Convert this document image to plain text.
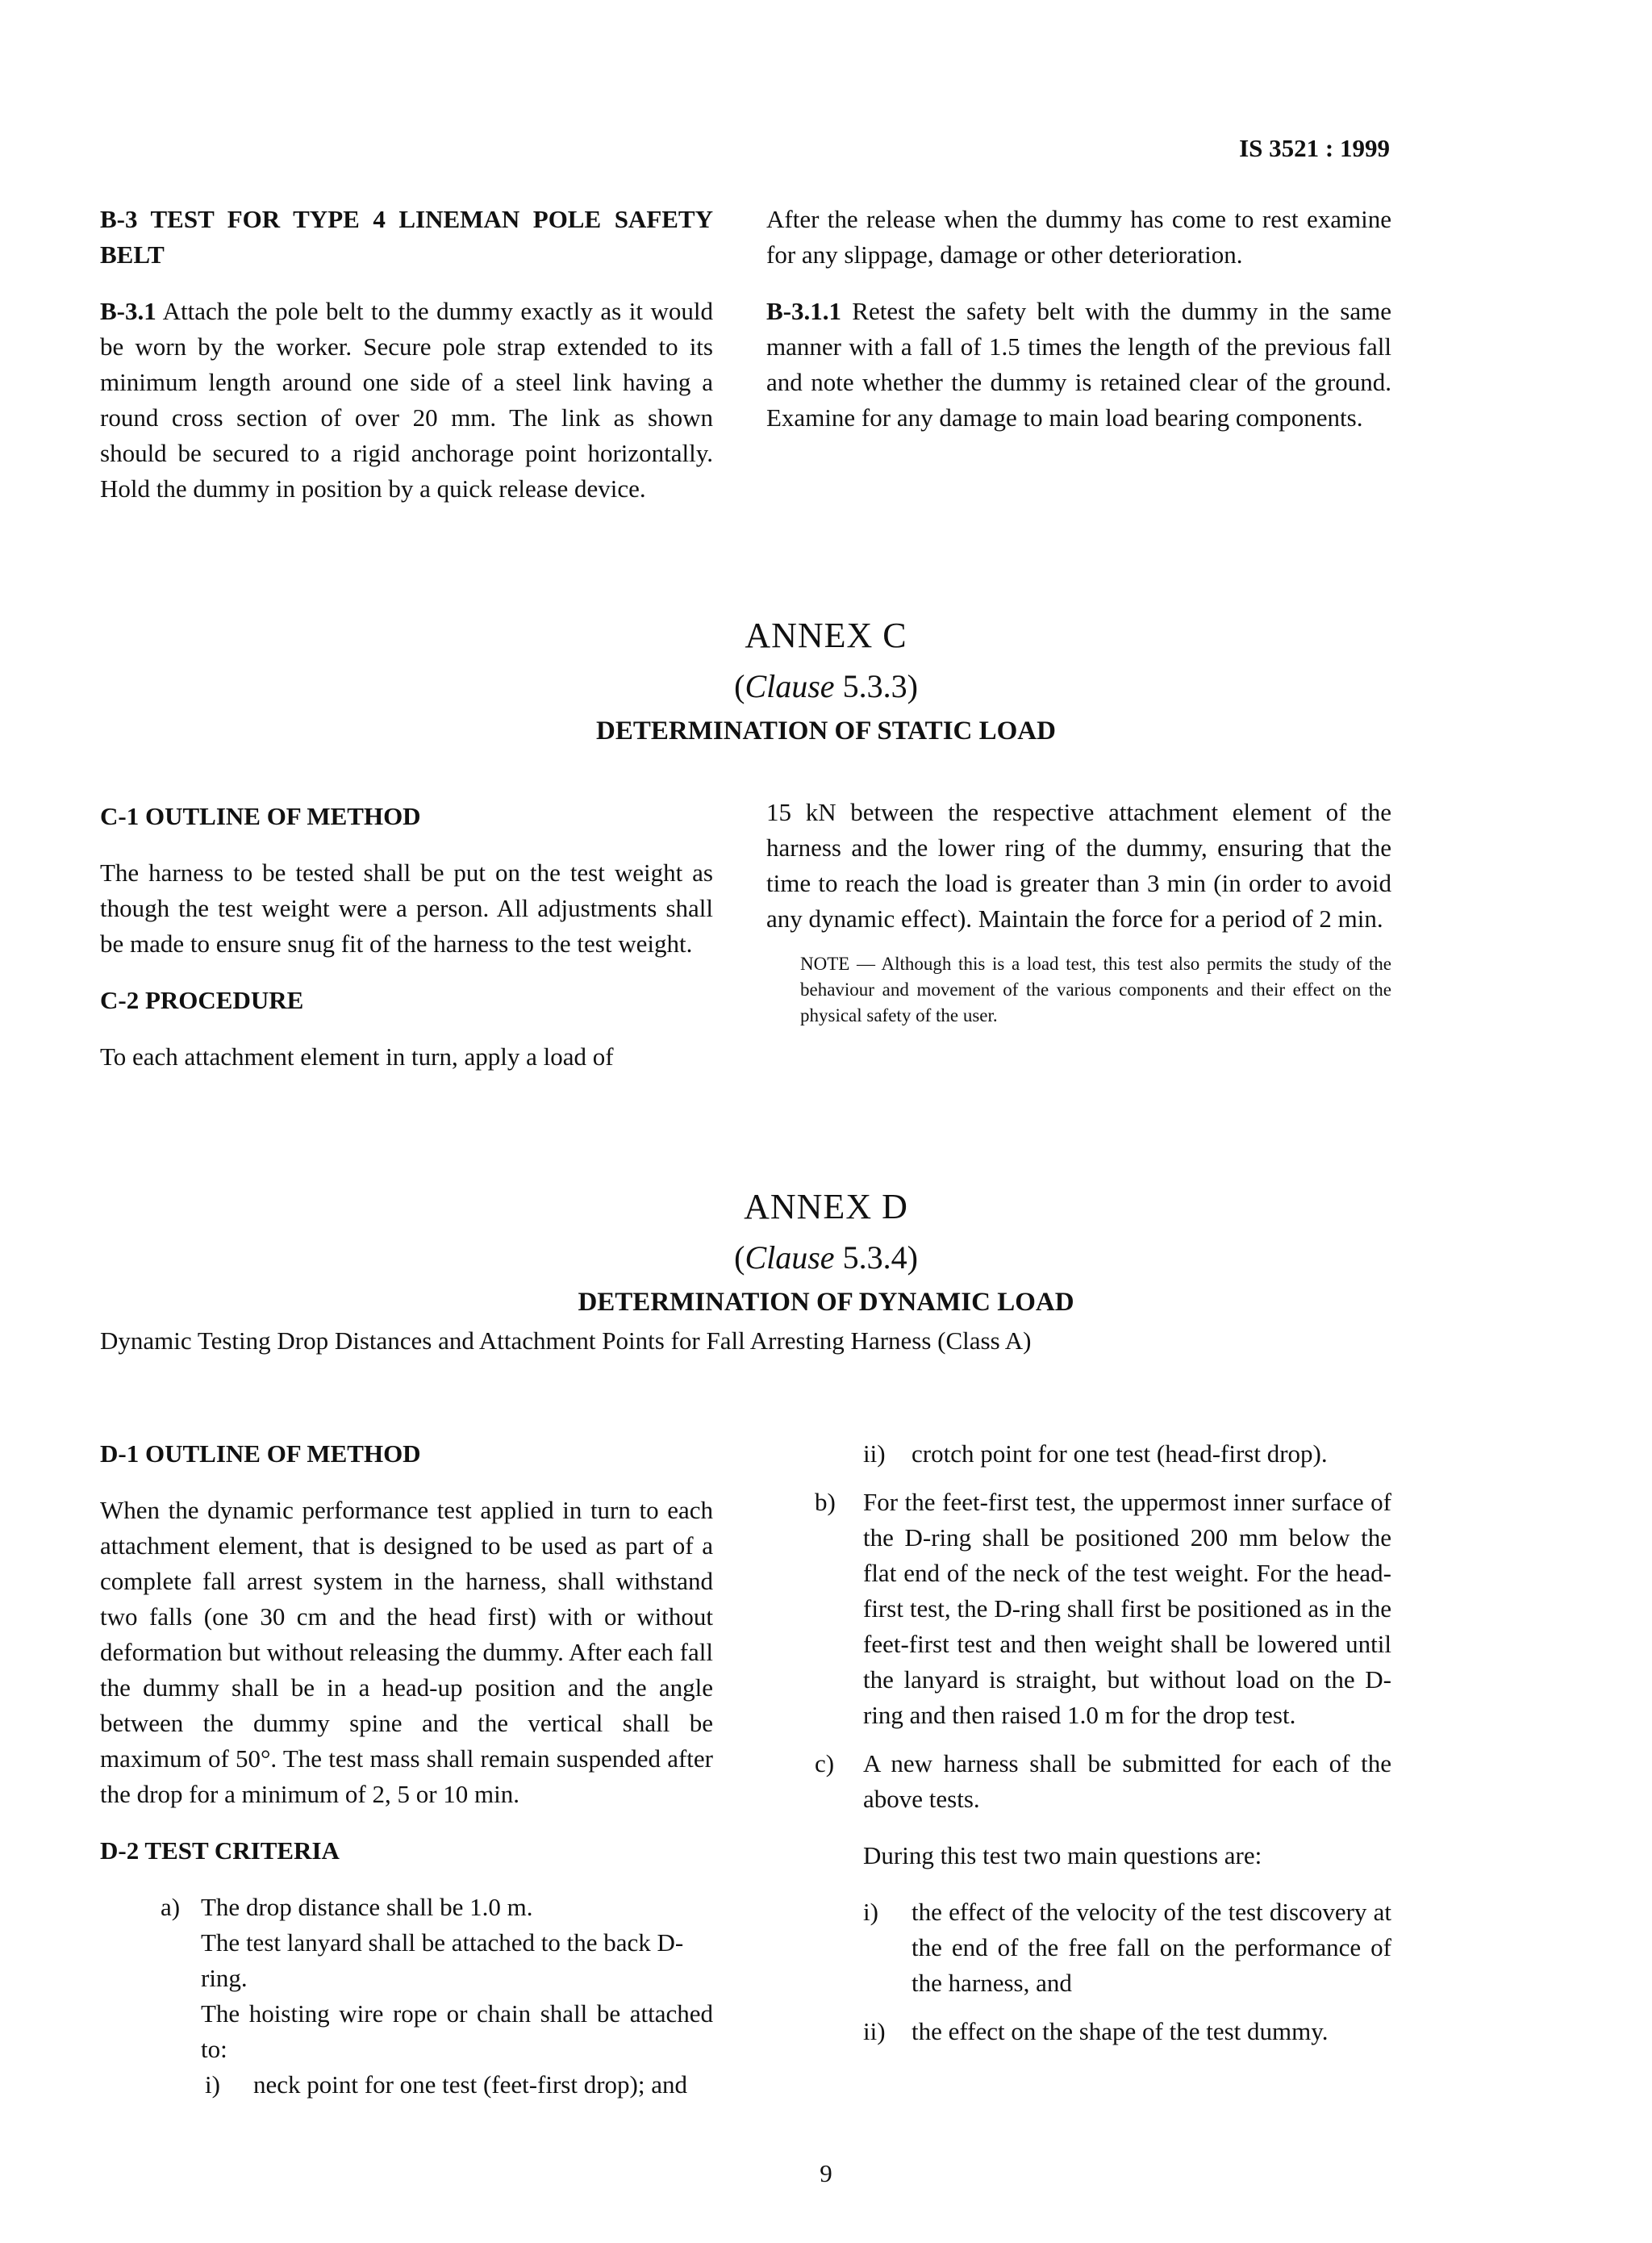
IS 3521 : 1999

B-3 TEST FOR TYPE 4 LINEMAN POLE SAFETY BELT

B-3.1 Attach the pole belt to the dummy exactly as it would be worn by the worker. Secure pole strap extended to its minimum length around one side of a steel link having a round cross section of over 20 mm. The link as shown should be secured to a rigid anchorage point horizontally. Hold the dummy in position by a quick release device.

After the release when the dummy has come to rest examine for any slippage, damage or other deterioration.

B-3.1.1 Retest the safety belt with the dummy in the same manner with a fall of 1.5 times the length of the previous fall and note whether the dummy is retained clear of the ground. Examine for any damage to main load bearing components.

ANNEX C
(Clause 5.3.3)
DETERMINATION OF STATIC LOAD

C-1 OUTLINE OF METHOD

The harness to be tested shall be put on the test weight as though the test weight were a person. All adjustments shall be made to ensure snug fit of the harness to the test weight.

C-2 PROCEDURE

To each attachment element in turn, apply a load of

15 kN between the respective attachment element of the harness and the lower ring of the dummy, ensuring that the time to reach the load is greater than 3 min (in order to avoid any dynamic effect). Maintain the force for a period of 2 min.

NOTE — Although this is a load test, this test also permits the study of the behaviour and movement of the various components and their effect on the physical safety of the user.

ANNEX D
(Clause 5.3.4)
DETERMINATION OF DYNAMIC LOAD
Dynamic Testing Drop Distances and Attachment Points for Fall Arresting Harness (Class A)

D-1 OUTLINE OF METHOD

When the dynamic performance test applied in turn to each attachment element, that is designed to be used as part of a complete fall arrest system in the harness, shall withstand two falls (one 30 cm and the head first) with or without deformation but without releasing the dummy. After each fall the dummy shall be in a head-up position and the angle between the dummy spine and the vertical shall be maximum of 50°. The test mass shall remain suspended after the drop for a minimum of 2, 5 or 10 min.

D-2 TEST CRITERIA

a) The drop distance shall be 1.0 m.

The test lanyard shall be attached to the back D-ring.

The hoisting wire rope or chain shall be attached to:

i)	neck point for one test (feet-first drop); and
ii)	crotch point for one test (head-first drop).
b)	For the feet-first test, the uppermost inner surface of the D-ring shall be positioned 200 mm below the flat end of the neck of the test weight. For the head-first test, the D-ring shall first be positioned as in the feet-first test and then weight shall be lowered until the lanyard is straight, but without load on the D-ring and then raised 1.0 m for the drop test.
c)	A new harness shall be submitted for each of the above tests.

During this test two main questions are:

i)	the effect of the velocity of the test discovery at the end of the free fall on the performance of the harness, and
ii)	the effect on the shape of the test dummy.
9
